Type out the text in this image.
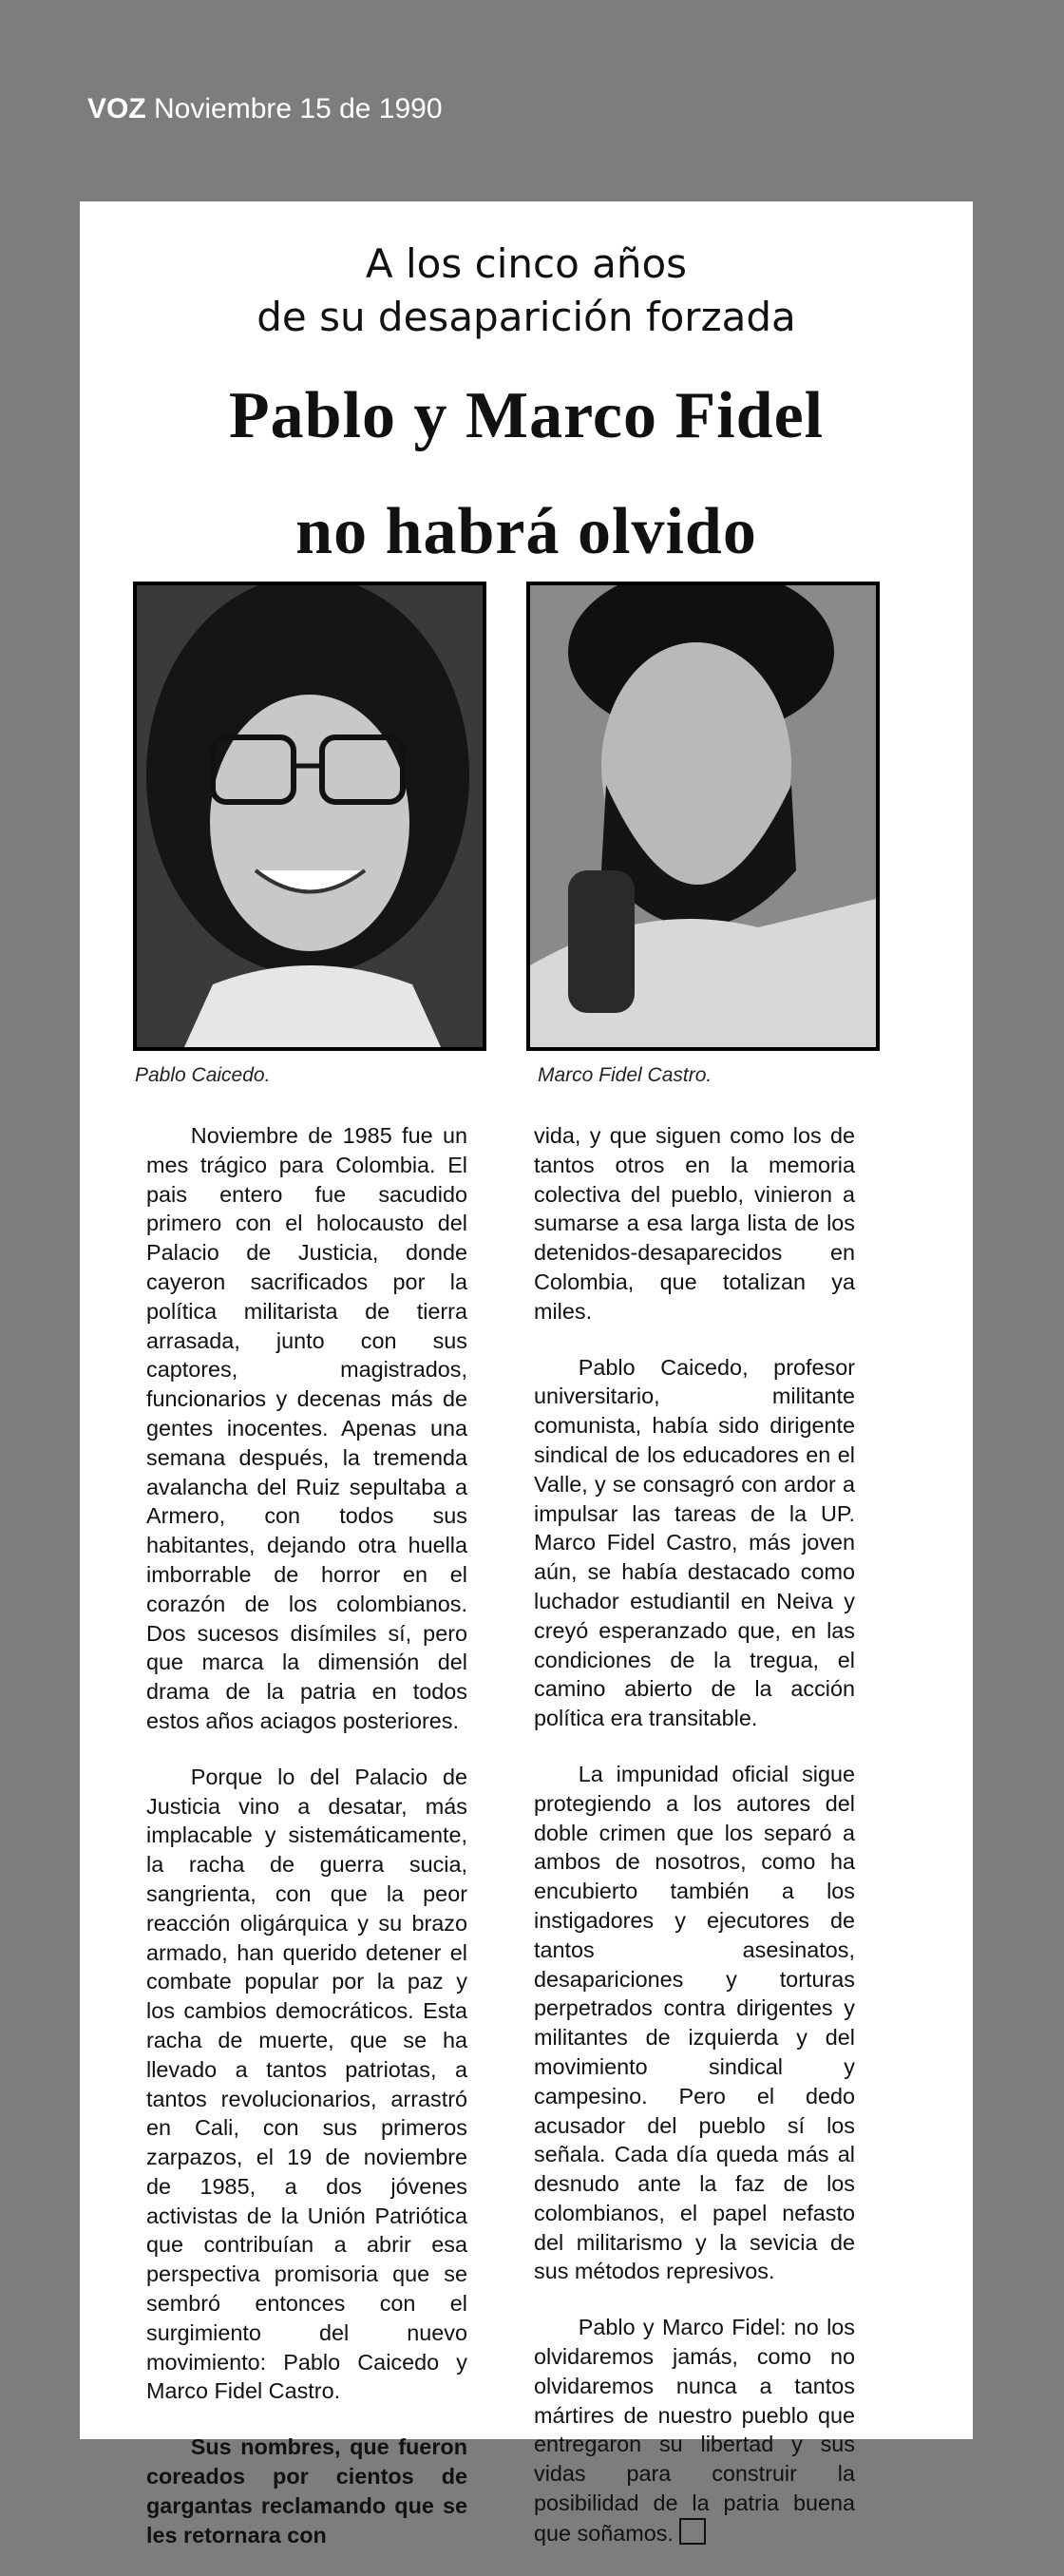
VOZ Noviembre 15 de 1990
A los cinco años
de su desaparición forzada
Pablo y Marco Fidel
no habrá olvido
Pablo Caicedo.	Marco Fidel Castro.

Noviembre de 1985 fue un mes trágico para Colombia. El pais entero fue sacudido primero con el holocausto del Palacio de Justicia, donde cayeron sacrificados por la política militarista de tierra arrasada, junto con sus captores, magistrados, funcionarios y decenas más de gentes inocentes. Apenas una semana después, la tremenda avalancha del Ruiz sepultaba a Armero, con todos sus habitantes, dejando otra huella imborrable de horror en el corazón de los colombianos. Dos sucesos disímiles sí, pero que marca la dimensión del drama de la patria en todos estos años aciagos posteriores.

Porque lo del Palacio de Justicia vino a desatar, más implacable y sistemáticamente, la racha de guerra sucia, sangrienta, con que la peor reacción oligárquica y su brazo armado, han querido detener el combate popular por la paz y los cambios democráticos. Esta racha de muerte, que se ha llevado a tantos patriotas, a tantos revolucionarios, arrastró en Cali, con sus primeros zarpazos, el 19 de noviembre de 1985, a dos jóvenes activistas de la Unión Patriótica que contribuían a abrir esa perspectiva promisoria que se sembró entonces con el surgimiento del nuevo movimiento: Pablo Caicedo y Marco Fidel Castro.

Sus nombres, que fueron coreados por cientos de gargantas reclamando que se les retornara con

vida, y que siguen como los de tantos otros en la memoria colectiva del pueblo, vinieron a sumarse a esa larga lista de los detenidos-desaparecidos en Colombia, que totalizan ya miles.

Pablo Caicedo, profesor universitario, militante comunista, había sido dirigente sindical de los educadores en el Valle, y se consagró con ardor a impulsar las tareas de la UP. Marco Fidel Castro, más joven aún, se había destacado como luchador estudiantil en Neiva y creyó esperanzado que, en las condiciones de la tregua, el camino abierto de la acción política era transitable.

La impunidad oficial sigue protegiendo a los autores del doble crimen que los separó a ambos de nosotros, como ha encubierto también a los instigadores y ejecutores de tantos asesinatos, desapariciones y torturas perpetrados contra dirigentes y militantes de izquierda y del movimiento sindical y campesino. Pero el dedo acusador del pueblo sí los señala. Cada día queda más al desnudo ante la faz de los colombianos, el papel nefasto del militarismo y la sevicia de sus métodos represivos.

Pablo y Marco Fidel: no los olvidaremos jamás, como no olvidaremos nunca a tantos mártires de nuestro pueblo que entregaron su libertad y sus vidas para construir la posibilidad de la patria buena que soñamos.
